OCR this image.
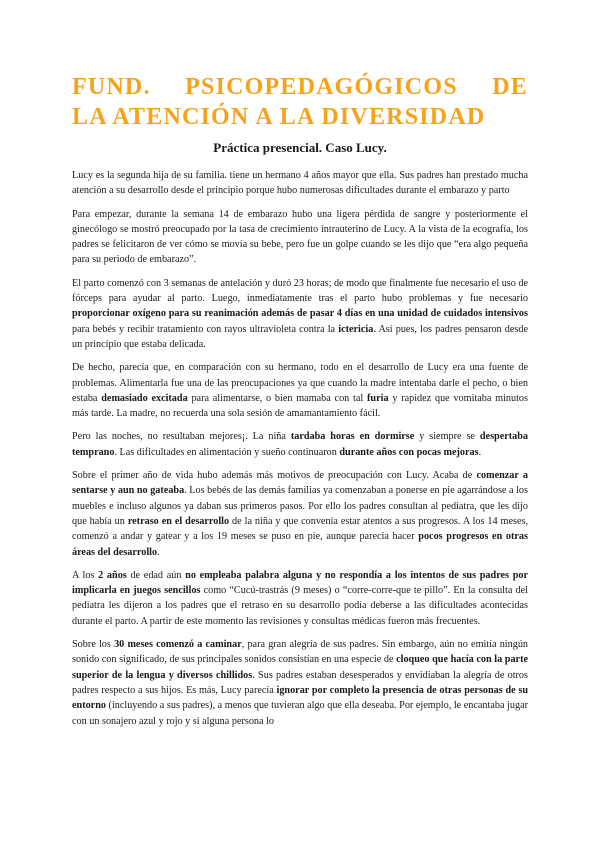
FUND. PSICOPEDAGÓGICOS DE
LA ATENCIÓN A LA DIVERSIDAD
Práctica presencial. Caso Lucy.

Lucy es la segunda hija de su familia. tiene un hermano 4 años mayor que ella. Sus padres han prestado mucha atención a su desarrollo desde el principio porque hubo numerosas dificultades durante el embarazo y parto

Para empezar, durante la semana 14 de embarazo hubo una ligera pérdida de sangre y posteriormente el ginecólogo se mostró preocupado por la tasa de crecimiento intrauterino de Lucy. A la vista de la ecografía, los padres se felicitaron de ver cómo se movía su bebe, pero fue un golpe cuando se les dijo que “era algo pequeña para su periodo de embarazo”.

El parto comenzó con 3 semanas de antelación y duró 23 horas; de modo que finalmente fue necesario el uso de fórceps para ayudar al parto. Luego, inmediatamente tras el parto hubo problemas y fue necesario proporcionar oxígeno para su reanimación además de pasar 4 días en una unidad de cuidados intensivos para bebés y recibir tratamiento con rayos ultravioleta contra la ictericia. Así pues, los padres pensaron desde un principio que estaba delicada.

De hecho, parecía que, en comparación con su hermano, todo en el desarrollo de Lucy era una fuente de problemas. Alimentarla fue una de las preocupaciones ya que cuando la madre intentaba darle el pecho, o bien estaba demasiado excitada para alimentarse, o bien mamaba con tal furia y rapidez que vomitaba minutos más tarde. La madre, no recuerda una sola sesión de amamantamiento fácil.

Pero las noches, no resultaban mejores¡. La niña tardaba horas en dormirse y siempre se despertaba temprano. Las dificultades en alimentación y sueño continuaron durante años con pocas mejoras.

Sobre el primer año de vida hubo además más motivos de preocupación con Lucy. Acaba de comenzar a sentarse y aun no gateaba. Los bebés de las demás familias ya comenzaban a ponerse en pie agarrándose a los muebles e incluso algunos ya daban sus primeros pasos. Por ello los padres consultan al pediatra, que les dijo que había un retraso en el desarrollo de la niña y que convenía estar atentos a sus progresos. A los 14 meses, comenzó a andar y gatear y a los 19 meses se puso en pie, aunque parecía hacer pocos progresos en otras áreas del desarrollo.

A los 2 años de edad aún no empleaba palabra alguna y no respondía a los intentos de sus padres por implicarla en juegos sencillos como “Cucú-trastrás (9 meses) o “corre-corre-que te pillo”. En la consulta del pediatra les dijeron a los padres que el retraso en su desarrollo podía deberse a las dificultades acontecidas durante el parto. A partir de este momento las revisiones y consultas médicas fueron más frecuentes.

Sobre los 30 meses comenzó a caminar, para gran alegría de sus padres. Sin embargo, aún no emitía ningún sonido con significado, de sus principales sonidos consistían en una especie de cloqueo que hacía con la parte superior de la lengua y diversos chillidos. Sus padres estaban desesperados y envidiaban la alegría de otros padres respecto a sus hijos. Es más, Lucy parecía ignorar por completo la presencia de otras personas de su entorno (incluyendo a sus padres), a menos que tuvieran algo que ella deseaba. Por ejemplo, le encantaba jugar con un sonajero azul y rojo y si alguna persona lo
